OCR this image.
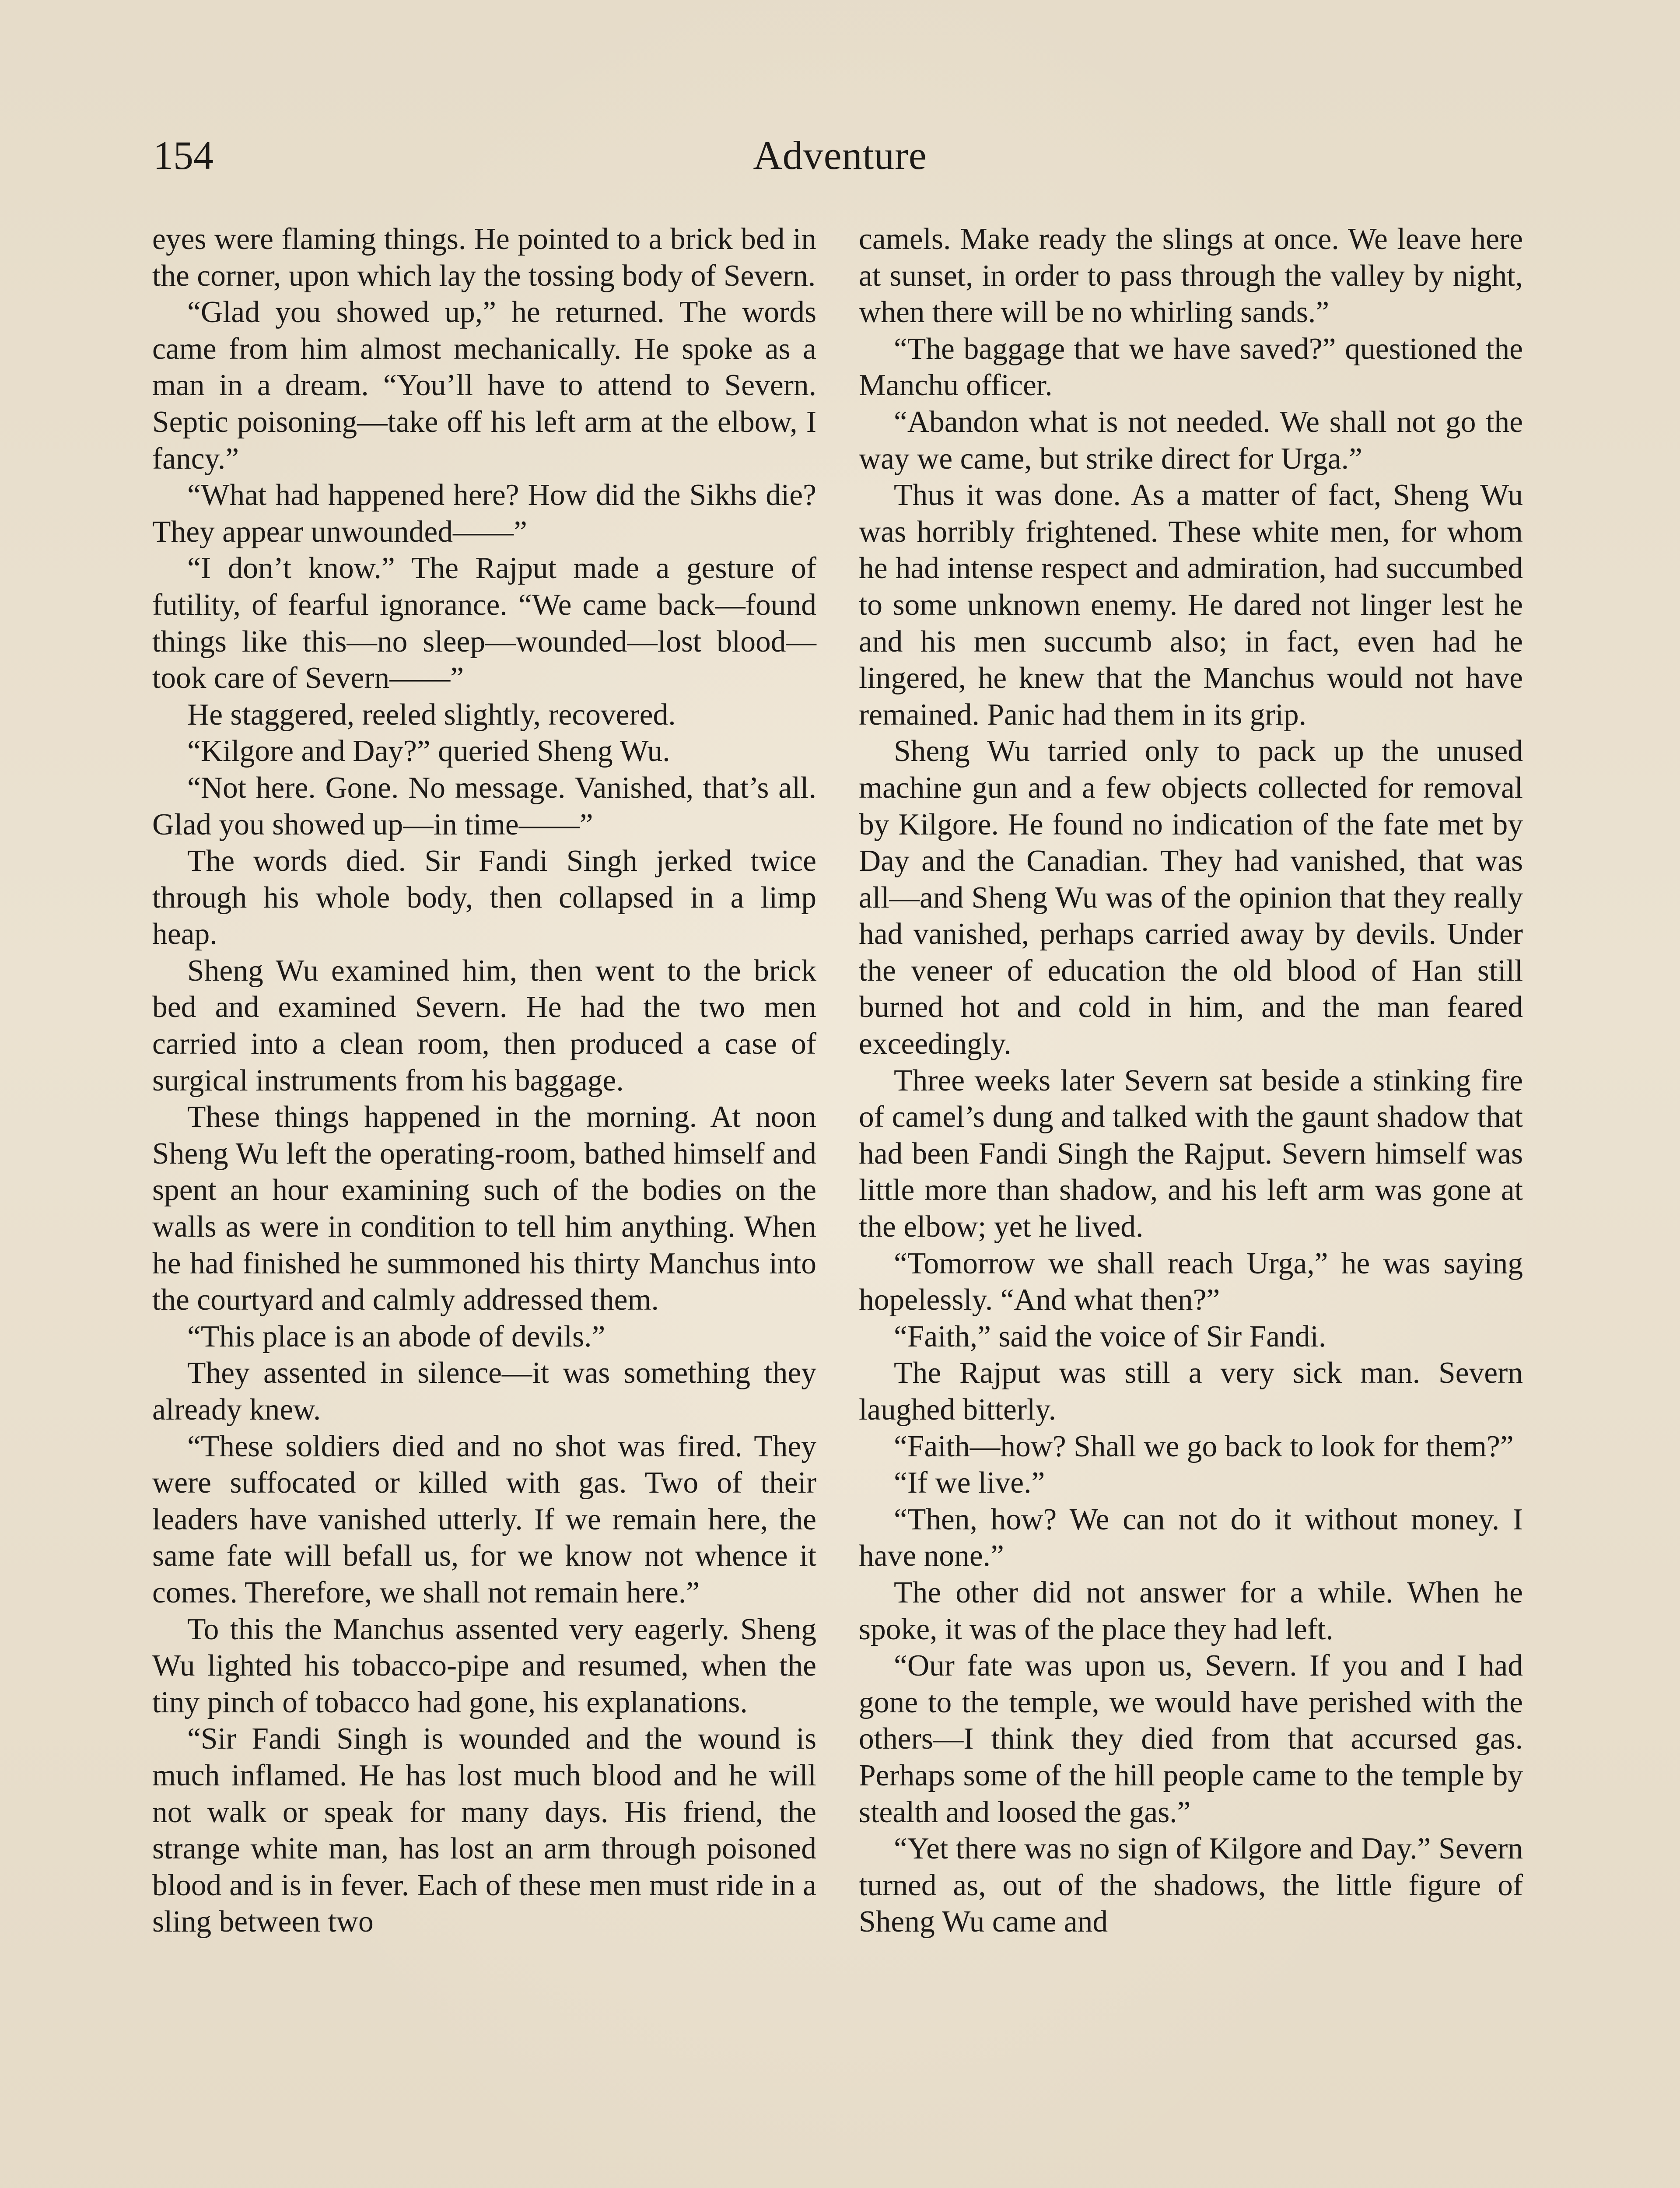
154	Adventure

eyes were flaming things. He pointed to a brick bed in the corner, upon which lay the tossing body of Severn.

“Glad you showed up,” he returned. The words came from him almost mechanically. He spoke as a man in a dream. “You’ll have to attend to Severn. Septic poisoning—take off his left arm at the elbow, I fancy.”

“What had happened here? How did the Sikhs die? They appear unwounded——”

“I don’t know.” The Rajput made a gesture of futility, of fearful ignorance. “We came back—found things like this—no sleep—wounded—lost blood—took care of Severn——”

He staggered, reeled slightly, recovered.

“Kilgore and Day?” queried Sheng Wu.

“Not here. Gone. No message. Vanished, that’s all. Glad you showed up—in time——”

The words died. Sir Fandi Singh jerked twice through his whole body, then collapsed in a limp heap.

Sheng Wu examined him, then went to the brick bed and examined Severn. He had the two men carried into a clean room, then produced a case of surgical instruments from his baggage.

These things happened in the morning. At noon Sheng Wu left the operating-room, bathed himself and spent an hour examining such of the bodies on the walls as were in condition to tell him anything. When he had finished he summoned his thirty Manchus into the courtyard and calmly addressed them.

“This place is an abode of devils.”

They assented in silence—it was something they already knew.

“These soldiers died and no shot was fired. They were suffocated or killed with gas. Two of their leaders have vanished utterly. If we remain here, the same fate will befall us, for we know not whence it comes. Therefore, we shall not remain here.”

To this the Manchus assented very eagerly. Sheng Wu lighted his tobacco-pipe and resumed, when the tiny pinch of tobacco had gone, his explanations.

“Sir Fandi Singh is wounded and the wound is much inflamed. He has lost much blood and he will not walk or speak for many days. His friend, the strange white man, has lost an arm through poisoned blood and is in fever. Each of these men must ride in a sling between two

camels. Make ready the slings at once. We leave here at sunset, in order to pass through the valley by night, when there will be no whirling sands.”

“The baggage that we have saved?” questioned the Manchu officer.

“Abandon what is not needed. We shall not go the way we came, but strike direct for Urga.”

Thus it was done. As a matter of fact, Sheng Wu was horribly frightened. These white men, for whom he had intense respect and admiration, had succumbed to some unknown enemy. He dared not linger lest he and his men succumb also; in fact, even had he lingered, he knew that the Manchus would not have remained. Panic had them in its grip.

Sheng Wu tarried only to pack up the unused machine gun and a few objects collected for removal by Kilgore. He found no indication of the fate met by Day and the Canadian. They had vanished, that was all—and Sheng Wu was of the opinion that they really had vanished, perhaps carried away by devils. Under the veneer of education the old blood of Han still burned hot and cold in him, and the man feared exceedingly.

Three weeks later Severn sat beside a stinking fire of camel’s dung and talked with the gaunt shadow that had been Fandi Singh the Rajput. Severn himself was little more than shadow, and his left arm was gone at the elbow; yet he lived.

“Tomorrow we shall reach Urga,” he was saying hopelessly. “And what then?”

“Faith,” said the voice of Sir Fandi.

The Rajput was still a very sick man. Severn laughed bitterly.

“Faith—how? Shall we go back to look for them?”

“If we live.”

“Then, how? We can not do it without money. I have none.”

The other did not answer for a while. When he spoke, it was of the place they had left.

“Our fate was upon us, Severn. If you and I had gone to the temple, we would have perished with the others—I think they died from that accursed gas. Perhaps some of the hill people came to the temple by stealth and loosed the gas.”

“Yet there was no sign of Kilgore and Day.” Severn turned as, out of the shadows, the little figure of Sheng Wu came and
